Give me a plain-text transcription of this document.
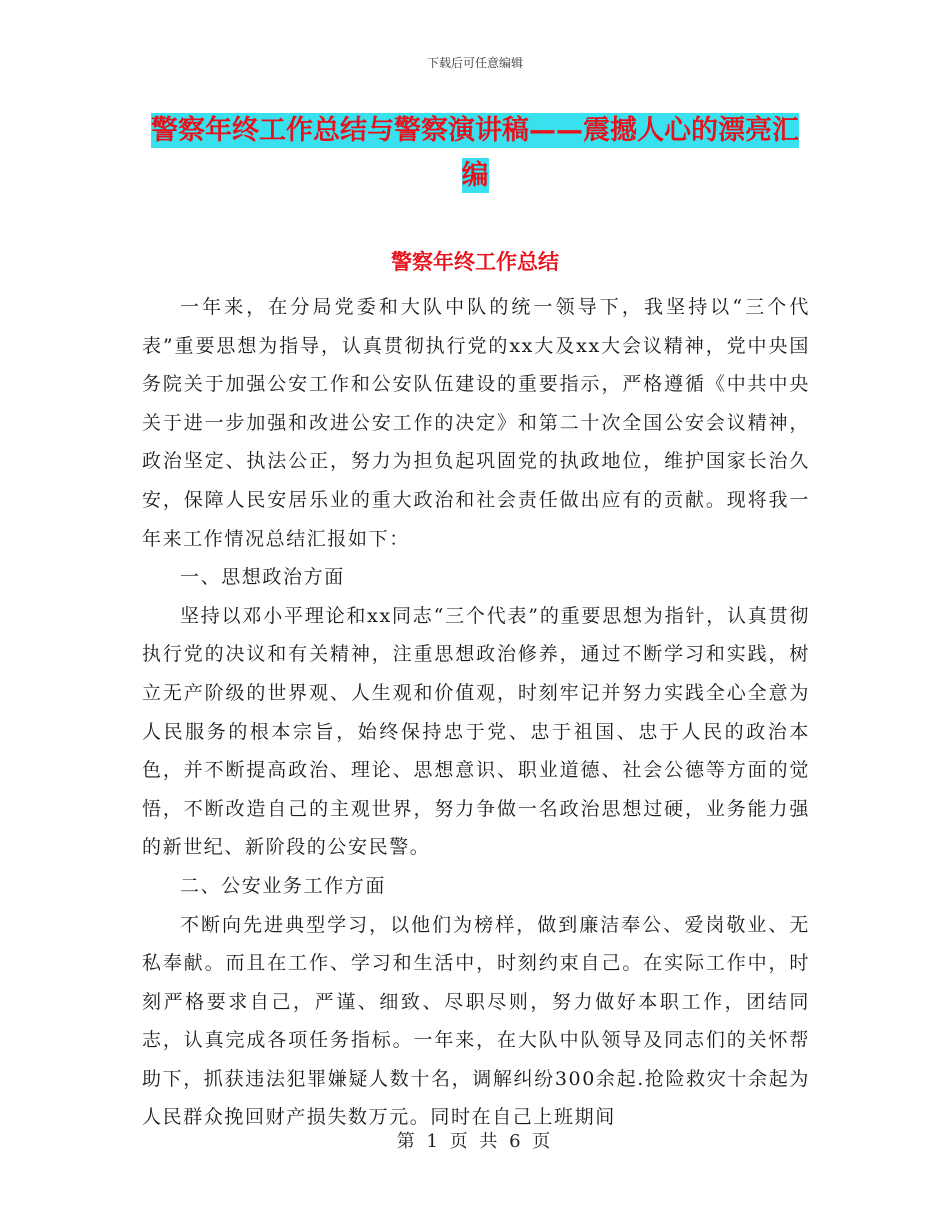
下载后可任意编辑
警察年终工作总结与警察演讲稿——震撼人心的漂亮汇编
警察年终工作总结

一年来，在分局党委和大队中队的统一领导下，我坚持以“三个代表”重要思想为指导，认真贯彻执行党的xx大及xx大会议精神，党中央国务院关于加强公安工作和公安队伍建设的重要指示，严格遵循《中共中央关于进一步加强和改进公安工作的决定》和第二十次全国公安会议精神，政治坚定、执法公正，努力为担负起巩固党的执政地位，维护国家长治久安，保障人民安居乐业的重大政治和社会责任做出应有的贡献。现将我一年来工作情况总结汇报如下：

一、思想政治方面

坚持以邓小平理论和xx同志“三个代表”的重要思想为指针，认真贯彻执行党的决议和有关精神，注重思想政治修养，通过不断学习和实践，树立无产阶级的世界观、人生观和价值观，时刻牢记并努力实践全心全意为人民服务的根本宗旨，始终保持忠于党、忠于祖国、忠于人民的政治本色，并不断提高政治、理论、思想意识、职业道德、社会公德等方面的觉悟，不断改造自己的主观世界，努力争做一名政治思想过硬，业务能力强的新世纪、新阶段的公安民警。

二、公安业务工作方面

不断向先进典型学习，以他们为榜样，做到廉洁奉公、爱岗敬业、无私奉献。而且在工作、学习和生活中，时刻约束自己。在实际工作中，时刻严格要求自己，严谨、细致、尽职尽则，努力做好本职工作，团结同志，认真完成各项任务指标。一年来，在大队中队领导及同志们的关怀帮助下，抓获违法犯罪嫌疑人数十名，调解纠纷300余起.抢险救灾十余起为人民群众挽回财产损失数万元。同时在自己上班期间

第 1 页 共 6 页
